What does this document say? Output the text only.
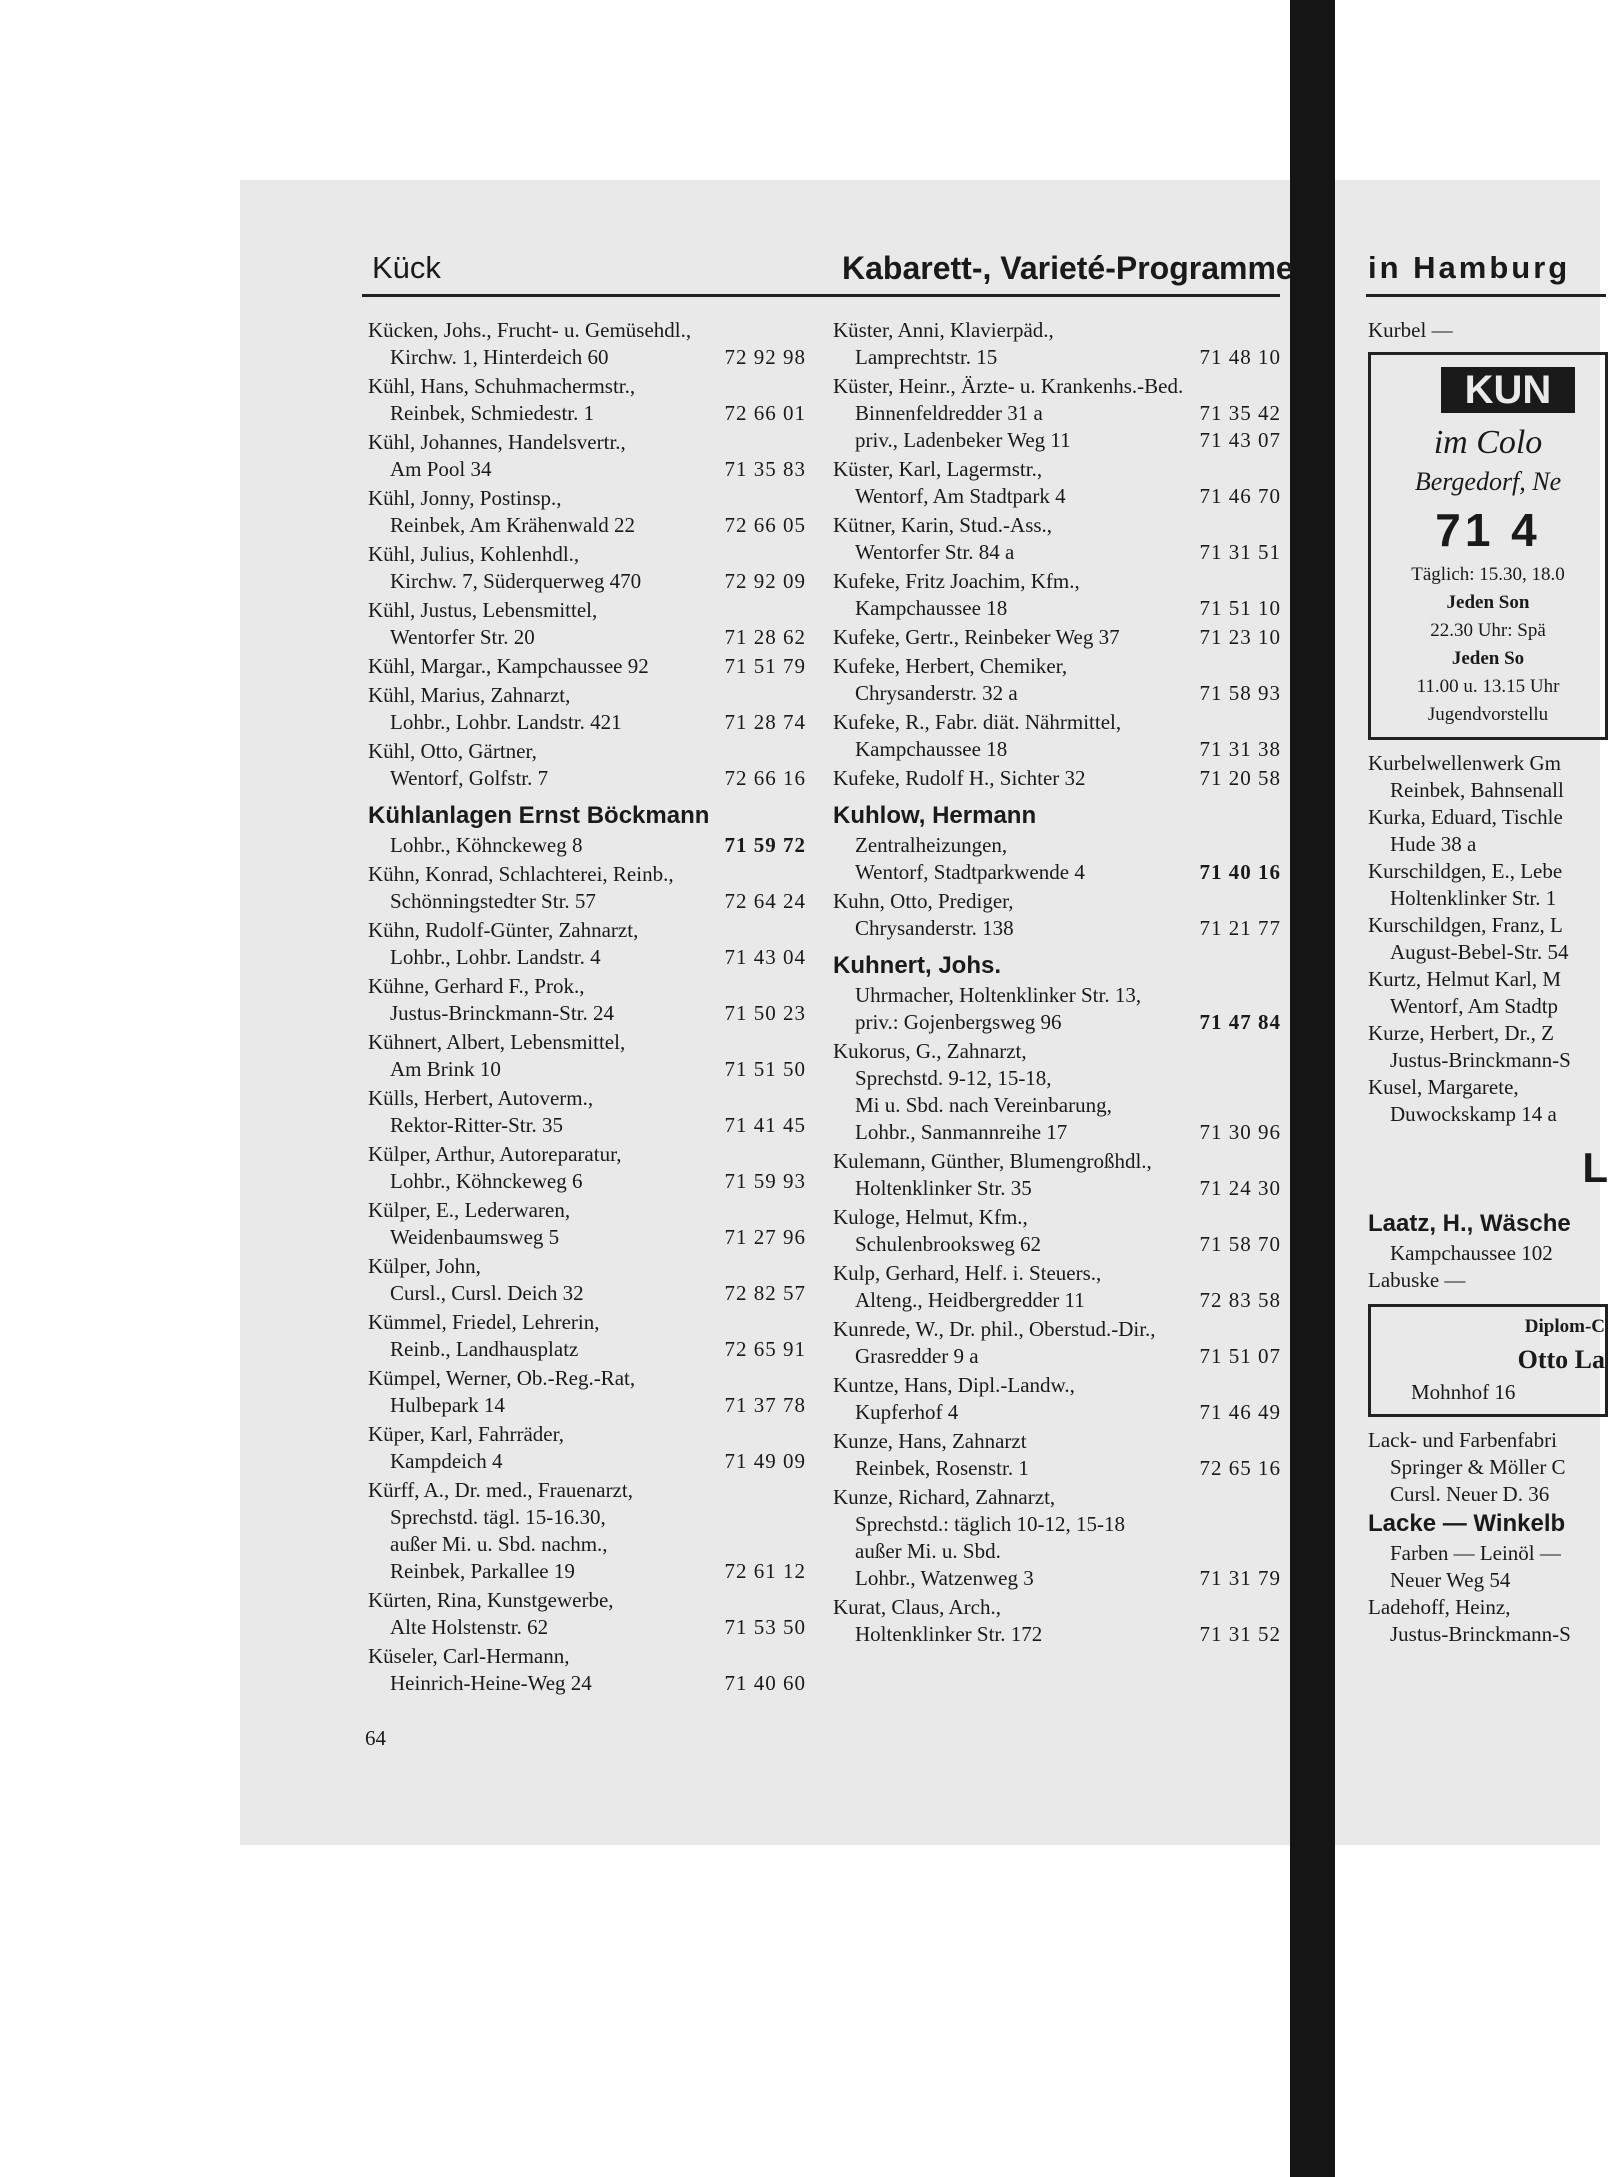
Kück	Kabarett-, Varieté-Programme in Hamburg
Kücken, Johs., Frucht- u. Gemüsehdl.,
Kirchw. 1, Hinterdeich 60	72 92 98
Kühl, Hans, Schuhmachermstr.,
Reinbek, Schmiedestr. 1	72 66 01
Kühl, Johannes, Handelsvertr.,
Am Pool 34	71 35 83
Kühl, Jonny, Postinsp.,
Reinbek, Am Krähenwald 22	72 66 05
Kühl, Julius, Kohlenhdl.,
Kirchw. 7, Süderquerweg 470	72 92 09
Kühl, Justus, Lebensmittel,
Wentorfer Str. 20	71 28 62
Kühl, Margar., Kampchaussee 92	71 51 79
Kühl, Marius, Zahnarzt,
Lohbr., Lohbr. Landstr. 421	71 28 74
Kühl, Otto, Gärtner,
Wentorf, Golfstr. 7	72 66 16
Kühlanlagen Ernst Böckmann
Lohbr., Köhnckeweg 8	71 59 72
Kühn, Konrad, Schlachterei, Reinb.,
Schönningstedter Str. 57	72 64 24
Kühn, Rudolf-Günter, Zahnarzt,
Lohbr., Lohbr. Landstr. 4	71 43 04
Kühne, Gerhard F., Prok.,
Justus-Brinckmann-Str. 24	71 50 23
Kühnert, Albert, Lebensmittel,
Am Brink 10	71 51 50
Külls, Herbert, Autoverm.,
Rektor-Ritter-Str. 35	71 41 45
Külper, Arthur, Autoreparatur,
Lohbr., Köhnckeweg 6	71 59 93
Külper, E., Lederwaren,
Weidenbaumsweg 5	71 27 96
Külper, John,
Cursl., Cursl. Deich 32	72 82 57
Kümmel, Friedel, Lehrerin,
Reinb., Landhausplatz	72 65 91
Kümpel, Werner, Ob.-Reg.-Rat,
Hulbepark 14	71 37 78
Küper, Karl, Fahrräder,
Kampdeich 4	71 49 09
Kürff, A., Dr. med., Frauenarzt,
Sprechstd. tägl. 15-16.30,
außer Mi. u. Sbd. nachm.,
Reinbek, Parkallee 19	72 61 12
Kürten, Rina, Kunstgewerbe,
Alte Holstenstr. 62	71 53 50
Küseler, Carl-Hermann,
Heinrich-Heine-Weg 24	71 40 60
Küster, Anni, Klavierpäd.,
Lamprechtstr. 15	71 48 10
Küster, Heinr., Ärzte- u. Krankenhs.-Bed.
Binnenfeldredder 31 a	71 35 42
priv., Ladenbeker Weg 11	71 43 07
Küster, Karl, Lagermstr.,
Wentorf, Am Stadtpark 4	71 46 70
Kütner, Karin, Stud.-Ass.,
Wentorfer Str. 84 a	71 31 51
Kufeke, Fritz Joachim, Kfm.,
Kampchaussee 18	71 51 10
Kufeke, Gertr., Reinbeker Weg 37	71 23 10
Kufeke, Herbert, Chemiker,
Chrysanderstr. 32 a	71 58 93
Kufeke, R., Fabr. diät. Nährmittel,
Kampchaussee 18	71 31 38
Kufeke, Rudolf H., Sichter 32	71 20 58
Kuhlow, Hermann
Zentralheizungen,
Wentorf, Stadtparkwende 4	71 40 16
Kuhn, Otto, Prediger,
Chrysanderstr. 138	71 21 77
Kuhnert, Johs.
Uhrmacher, Holtenklinker Str. 13,
priv.: Gojenbergsweg 96	71 47 84
Kukorus, G., Zahnarzt,
Sprechstd. 9-12, 15-18,
Mi u. Sbd. nach Vereinbarung,
Lohbr., Sanmannreihe 17	71 30 96
Kulemann, Günther, Blumengroßhdl.,
Holtenklinker Str. 35	71 24 30
Kuloge, Helmut, Kfm.,
Schulenbrooksweg 62	71 58 70
Kulp, Gerhard, Helf. i. Steuers.,
Alteng., Heidbergredder 11	72 83 58
Kunrede, W., Dr. phil., Oberstud.-Dir.,
Grasredder 9 a	71 51 07
Kuntze, Hans, Dipl.-Landw.,
Kupferhof 4	71 46 49
Kunze, Hans, Zahnarzt
Reinbek, Rosenstr. 1	72 65 16
Kunze, Richard, Zahnarzt,
Sprechstd.: täglich 10-12, 15-18
außer Mi. u. Sbd.
Lohbr., Watzenweg 3	71 31 79
Kurat, Claus, Arch.,
Holtenklinker Str. 172	71 31 52
Kurbel —
KUN
im Colo
Bergedorf, Ne
71 4
Täglich: 15.30, 18.0
Jeden Son
22.30 Uhr: Spä
Jeden So
11.00 u. 13.15 Uhr
Jugendvorstellu
Kurbelwellenwerk Gm
Reinbek, Bahnsenall
Kurka, Eduard, Tischle
Hude 38 a
Kurschildgen, E., Lebe
Holtenklinker Str. 1
Kurschildgen, Franz, L
August-Bebel-Str. 54
Kurtz, Helmut Karl, M
Wentorf, Am Stadtp
Kurze, Herbert, Dr., Z
Justus-Brinckmann-S
Kusel, Margarete,
Duwockskamp 14 a
L
Laatz, H., Wäsche
Kampchaussee 102
Labuske —
Diplom-C
Otto La
Mohnhof 16
Lack- und Farbenfabri
Springer & Möller C
Cursl. Neuer D. 36
Lacke — Winkelb
Farben — Leinöl —
Neuer Weg 54
Ladehoff, Heinz,
Justus-Brinckmann-S
64
